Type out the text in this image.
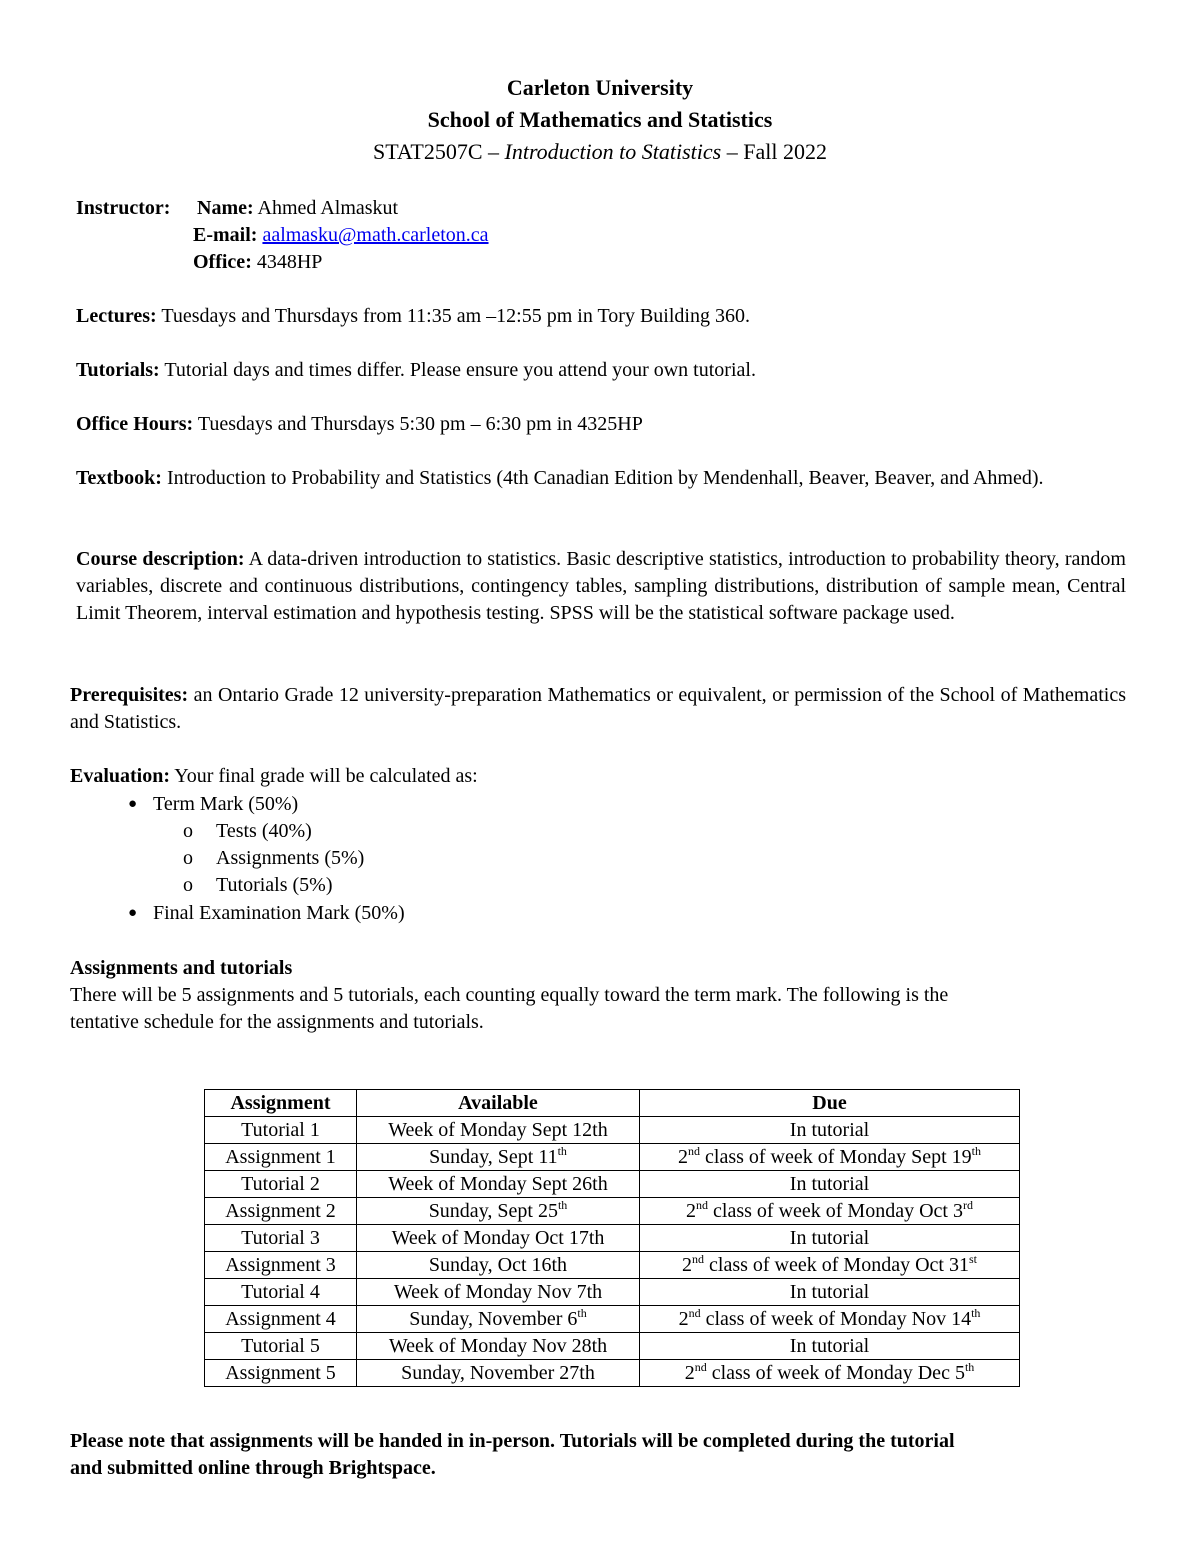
Carleton University
School of Mathematics and Statistics
STAT2507C – Introduction to Statistics – Fall 2022
Instructor: Name: Ahmed Almaskut
E-mail: aalmasku@math.carleton.ca
Office: 4348HP
Lectures: Tuesdays and Thursdays from 11:35 am –12:55 pm in Tory Building 360.
Tutorials: Tutorial days and times differ. Please ensure you attend your own tutorial.
Office Hours: Tuesdays and Thursdays 5:30 pm – 6:30 pm in 4325HP
Textbook: Introduction to Probability and Statistics (4th Canadian Edition by Mendenhall, Beaver, Beaver, and Ahmed).
Course description: A data-driven introduction to statistics. Basic descriptive statistics, introduction to probability theory, random variables, discrete and continuous distributions, contingency tables, sampling distributions, distribution of sample mean, Central Limit Theorem, interval estimation and hypothesis testing. SPSS will be the statistical software package used.
Prerequisites: an Ontario Grade 12 university-preparation Mathematics or equivalent, or permission of the School of Mathematics and Statistics.
Evaluation: Your final grade will be calculated as:
● Term Mark (50%)
o Tests (40%)
o Assignments (5%)
o Tutorials (5%)
● Final Examination Mark (50%)
Assignments and tutorials
There will be 5 assignments and 5 tutorials, each counting equally toward the term mark. The following is the
tentative schedule for the assignments and tutorials.
Assignment	Available	Due
Tutorial 1	Week of Monday Sept 12th	In tutorial
Assignment 1	Sunday, Sept 11th	2nd class of week of Monday Sept 19th
Tutorial 2	Week of Monday Sept 26th	In tutorial
Assignment 2	Sunday, Sept 25th	2nd class of week of Monday Oct 3rd
Tutorial 3	Week of Monday Oct 17th	In tutorial
Assignment 3	Sunday, Oct 16th	2nd class of week of Monday Oct 31st
Tutorial 4	Week of Monday Nov 7th	In tutorial
Assignment 4	Sunday, November 6th	2nd class of week of Monday Nov 14th
Tutorial 5	Week of Monday Nov 28th	In tutorial
Assignment 5	Sunday, November 27th	2nd class of week of Monday Dec 5th
Please note that assignments will be handed in in-person. Tutorials will be completed during the tutorial
and submitted online through Brightspace.
